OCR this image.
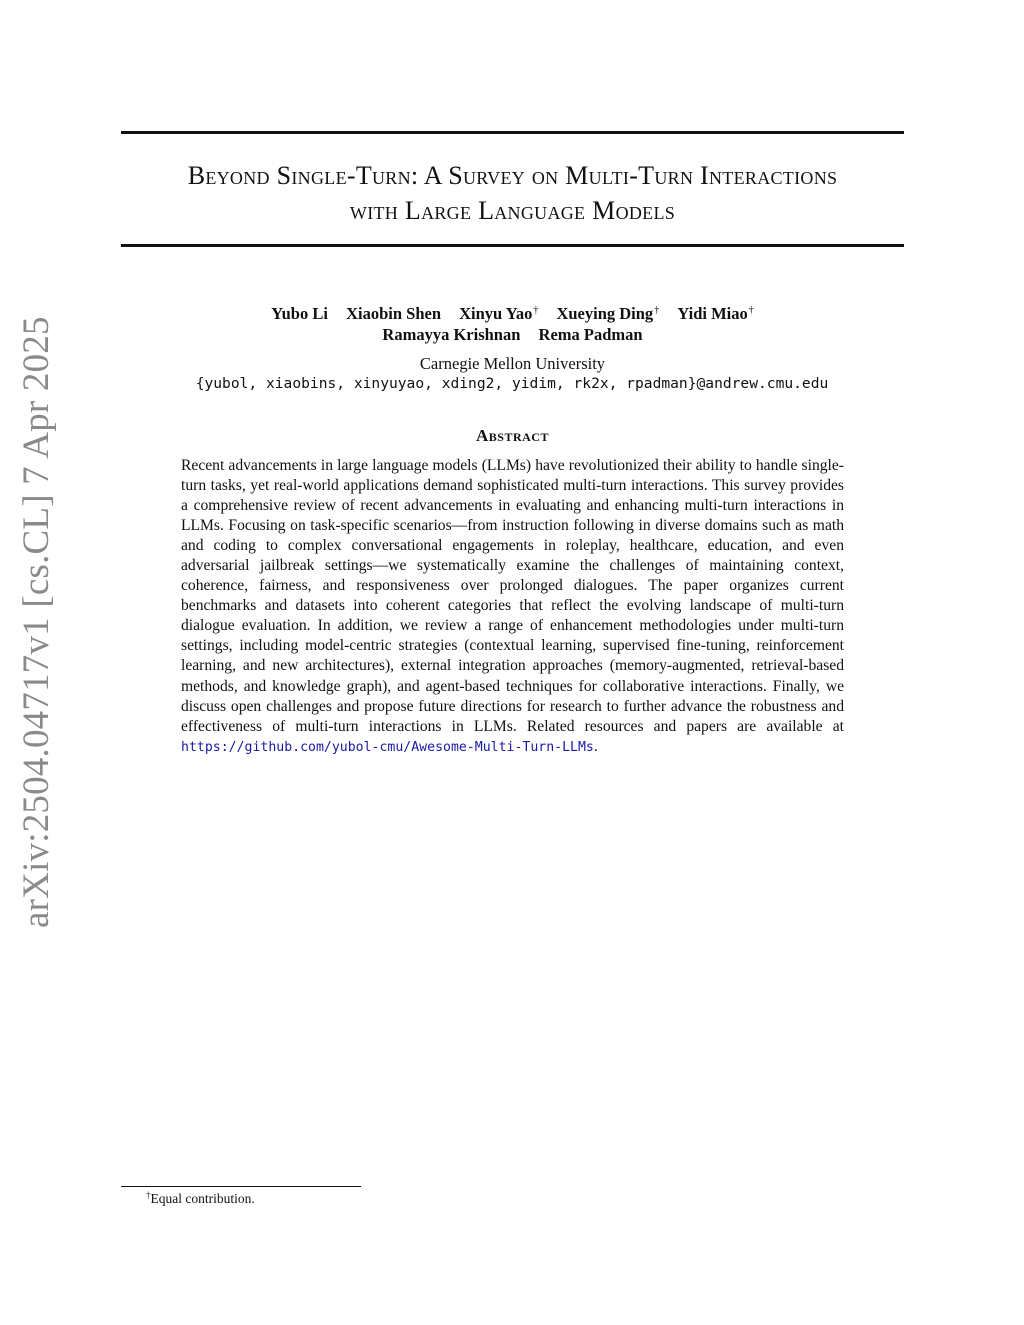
arXiv:2504.04717v1 [cs.CL] 7 Apr 2025
Beyond Single-Turn: A Survey on Multi-Turn Interactions
with Large Language Models
Yubo Li Xiaobin Shen Xinyu Yao† Xueying Ding† Yidi Miao†
Ramayya Krishnan Rema Padman
Carnegie Mellon University
{yubol, xiaobins, xinyuyao, xding2, yidim, rk2x, rpadman}@andrew.cmu.edu
Abstract
Recent advancements in large language models (LLMs) have revolutionized their ability to handle single-turn tasks, yet real-world applications demand sophisticated multi-turn interactions. This survey provides a comprehensive review of recent advancements in evaluating and enhancing multi-turn interactions in LLMs. Focusing on task-specific scenarios—from instruction following in diverse domains such as math and coding to complex conversational engagements in roleplay, healthcare, education, and even adversarial jailbreak settings—we systematically examine the challenges of maintaining context, coherence, fairness, and responsiveness over prolonged dialogues. The paper organizes current benchmarks and datasets into coherent categories that reflect the evolving landscape of multi-turn dialogue evaluation. In addition, we review a range of enhancement methodologies under multi-turn settings, including model-centric strategies (contextual learning, supervised fine-tuning, reinforcement learning, and new architectures), external integration approaches (memory-augmented, retrieval-based methods, and knowledge graph), and agent-based techniques for collaborative interactions. Finally, we discuss open challenges and propose future directions for research to further advance the robustness and effectiveness of multi-turn interactions in LLMs. Related resources and papers are available at https://github.com/yubol-cmu/Awesome-Multi-Turn-LLMs.
†Equal contribution.
